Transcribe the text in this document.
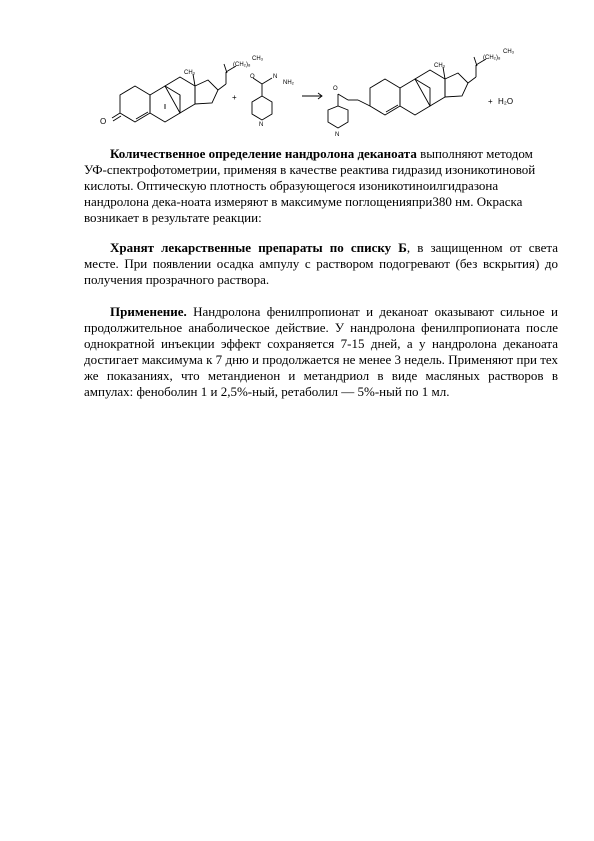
O
CH₃
(CH₂)₈
CH₃
+
O	N
NH₂
N
O
CH₃
(CH₂)₈
CH₃
N
+ H₂O

Количественное определение нандролона деканоата выполняют методом УФ-спектрофотометрии, применяя в качестве реактива гидразид изоникотиновой кислоты. Оптическую плотность образующегося изоникотиноилгидразона нандролона дека-ноата измеряют в максимуме поглощенияпри380 нм. Окраска возникает в результате реакции:

Хранят лекарственные препараты по списку Б, в защищенном от света месте. При появлении осадка ампулу с раствором подогревают (без вскрытия) до получения прозрачного раствора.

Применение. Нандролона фенилпропионат и деканоат оказывают сильное и продолжительное анаболическое действие. У нандролона фенилпропионата после однократной инъекции эффект сохраняется 7-15 дней, а у нандролона деканоата достигает максимума к 7 дню и продолжается не менее 3 недель. Применяют при тех же показаниях, что метандиенон и метандриол в виде масляных растворов в ампулах: феноболин 1 и 2,5%-ный, ретаболил — 5%-ный по 1 мл.
